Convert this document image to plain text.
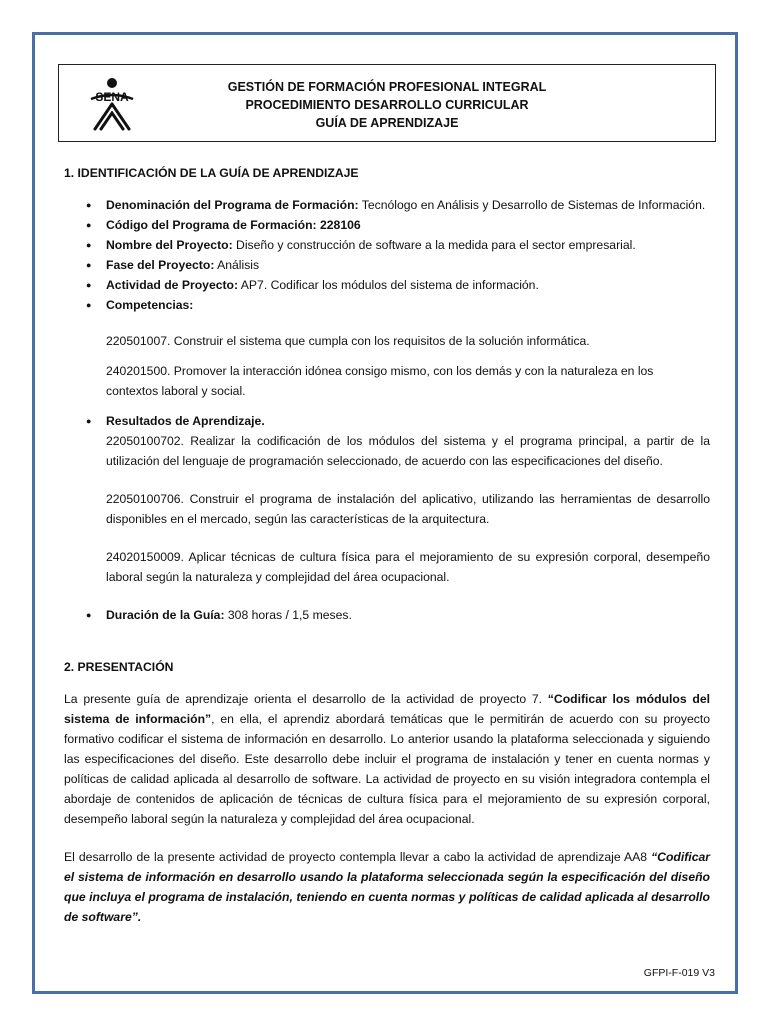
SENA
GESTIÓN DE FORMACIÓN PROFESIONAL INTEGRAL
PROCEDIMIENTO DESARROLLO CURRICULAR
GUÍA DE APRENDIZAJE
1. IDENTIFICACIÓN DE LA GUÍA DE APRENDIZAJE
● Denominación del Programa de Formación: Tecnólogo en Análisis y Desarrollo de Sistemas de Información.
● Código del Programa de Formación: 228106
● Nombre del Proyecto: Diseño y construcción de software a la medida para el sector empresarial.
● Fase del Proyecto: Análisis
● Actividad de Proyecto: AP7. Codificar los módulos del sistema de información.
● Competencias:
220501007. Construir el sistema que cumpla con los requisitos de la solución informática.
240201500. Promover la interacción idónea consigo mismo, con los demás y con la naturaleza en los contextos laboral y social.
● Resultados de Aprendizaje.
22050100702. Realizar la codificación de los módulos del sistema y el programa principal, a partir de la utilización del lenguaje de programación seleccionado, de acuerdo con las especificaciones del diseño.
22050100706. Construir el programa de instalación del aplicativo, utilizando las herramientas de desarrollo disponibles en el mercado, según las características de la arquitectura.
24020150009. Aplicar técnicas de cultura física para el mejoramiento de su expresión corporal, desempeño laboral según la naturaleza y complejidad del área ocupacional.
● Duración de la Guía: 308 horas / 1,5 meses.
2. PRESENTACIÓN

La presente guía de aprendizaje orienta el desarrollo de la actividad de proyecto 7. “Codificar los módulos del sistema de información”, en ella, el aprendiz abordará temáticas que le permitirán de acuerdo con su proyecto formativo codificar el sistema de información en desarrollo. Lo anterior usando la plataforma seleccionada y siguiendo las especificaciones del diseño. Este desarrollo debe incluir el programa de instalación y tener en cuenta normas y políticas de calidad aplicada al desarrollo de software. La actividad de proyecto en su visión integradora contempla el abordaje de contenidos de aplicación de técnicas de cultura física para el mejoramiento de su expresión corporal, desempeño laboral según la naturaleza y complejidad del área ocupacional.

El desarrollo de la presente actividad de proyecto contempla llevar a cabo la actividad de aprendizaje AA8 “Codificar el sistema de información en desarrollo usando la plataforma seleccionada según la especificación del diseño que incluya el programa de instalación, teniendo en cuenta normas y políticas de calidad aplicada al desarrollo de software”.

GFPI-F-019 V3
